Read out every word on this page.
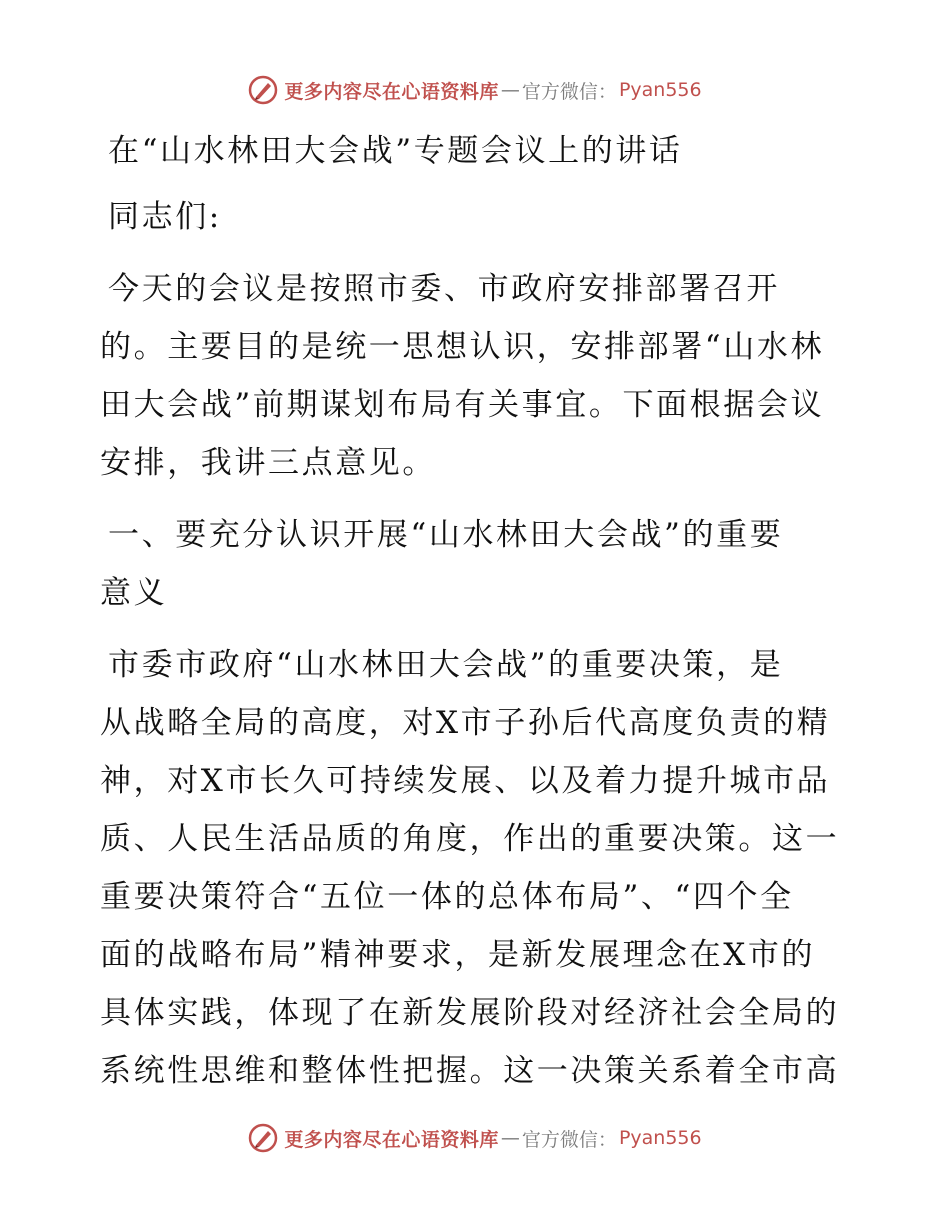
更多内容尽在心语资料库 — 官方微信： Pyan556
在“山水林田大会战”专题会议上的讲话
同志们:
今天的会议是按照市委、市政府安排部署召开
的。主要目的是统一思想认识，安排部署“山水林
田大会战”前期谋划布局有关事宜。下面根据会议
安排，我讲三点意见。
一、要充分认识开展“山水林田大会战”的重要
意义
市委市政府“山水林田大会战”的重要决策，是
从战略全局的高度，对X市子孙后代高度负责的精
神，对X市长久可持续发展、以及着力提升城市品
质、人民生活品质的角度，作出的重要决策。这一
重要决策符合“五位一体的总体布局”、“四个全
面的战略布局”精神要求，是新发展理念在X市的
具体实践，体现了在新发展阶段对经济社会全局的
系统性思维和整体性把握。这一决策关系着全市高
更多内容尽在心语资料库 — 官方微信： Pyan556
